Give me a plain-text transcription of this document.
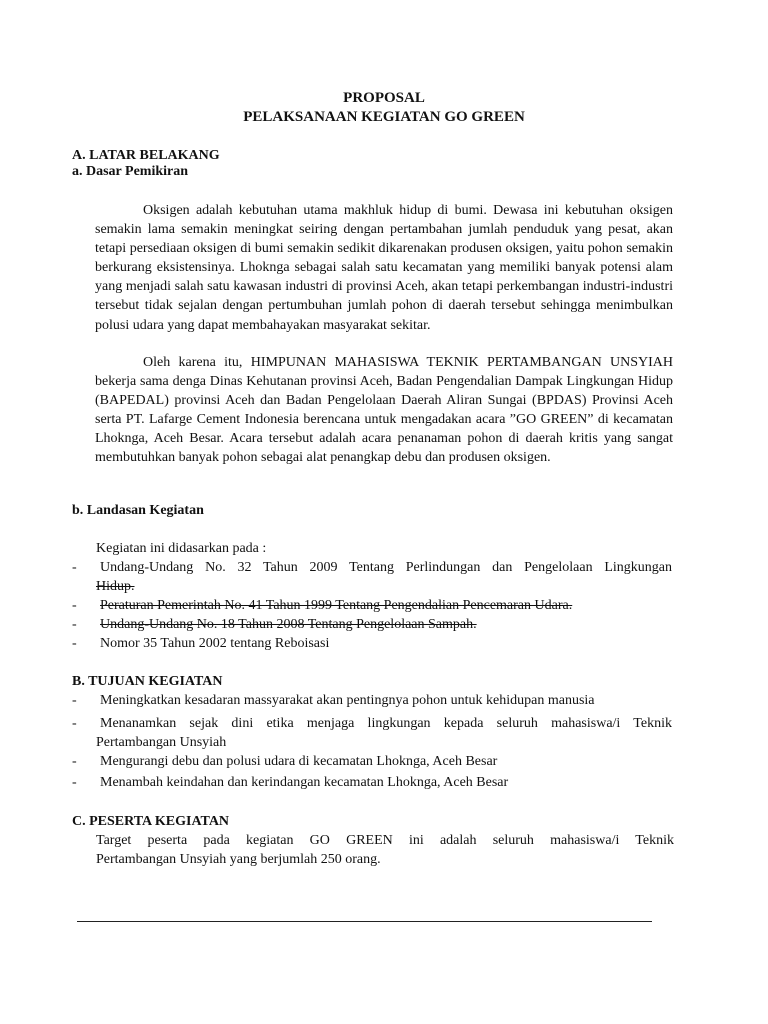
PROPOSAL
PELAKSANAAN KEGIATAN GO GREEN
A. LATAR BELAKANG
a. Dasar Pemikiran
Oksigen adalah kebutuhan utama makhluk hidup di bumi. Dewasa ini kebutuhan oksigen semakin lama semakin meningkat seiring dengan pertambahan jumlah penduduk yang pesat, akan tetapi persediaan oksigen di bumi semakin sedikit dikarenakan produsen oksigen, yaitu pohon semakin berkurang eksistensinya. Lhoknga sebagai salah satu kecamatan yang memiliki banyak potensi alam yang menjadi salah satu kawasan industri di provinsi Aceh, akan tetapi perkembangan industri-industri tersebut tidak sejalan dengan pertumbuhan jumlah pohon di daerah tersebut sehingga menimbulkan polusi udara yang dapat membahayakan masyarakat sekitar.
Oleh karena itu, HIMPUNAN MAHASISWA TEKNIK PERTAMBANGAN UNSYIAH bekerja sama denga Dinas Kehutanan provinsi Aceh, Badan Pengendalian Dampak Lingkungan Hidup (BAPEDAL) provinsi Aceh dan Badan Pengelolaan Daerah Aliran Sungai (BPDAS) Provinsi Aceh serta PT. Lafarge Cement Indonesia berencana untuk mengadakan acara ”GO GREEN” di kecamatan Lhoknga, Aceh Besar. Acara tersebut adalah acara penanaman pohon di daerah kritis yang sangat membutuhkan banyak pohon sebagai alat penangkap debu dan produsen oksigen.
b. Landasan Kegiatan
Kegiatan ini didasarkan pada :
- Undang-Undang No. 32 Tahun 2009 Tentang Perlindungan dan Pengelolaan Lingkungan
Hidup.
- Peraturan Pemerintah No. 41 Tahun 1999 Tentang Pengendalian Pencemaran Udara.
- Undang-Undang No. 18 Tahun 2008 Tentang Pengelolaan Sampah.
- Nomor 35 Tahun 2002 tentang Reboisasi
B. TUJUAN KEGIATAN
- Meningkatkan kesadaran massyarakat akan pentingnya pohon untuk kehidupan manusia
- Menanamkan sejak dini etika menjaga lingkungan kepada seluruh mahasiswa/i Teknik
Pertambangan Unsyiah
- Mengurangi debu dan polusi udara di kecamatan Lhoknga, Aceh Besar
- Menambah keindahan dan kerindangan kecamatan Lhoknga, Aceh Besar
C. PESERTA KEGIATAN
Target peserta pada kegiatan GO GREEN ini adalah seluruh mahasiswa/i Teknik
Pertambangan Unsyiah yang berjumlah 250 orang.
